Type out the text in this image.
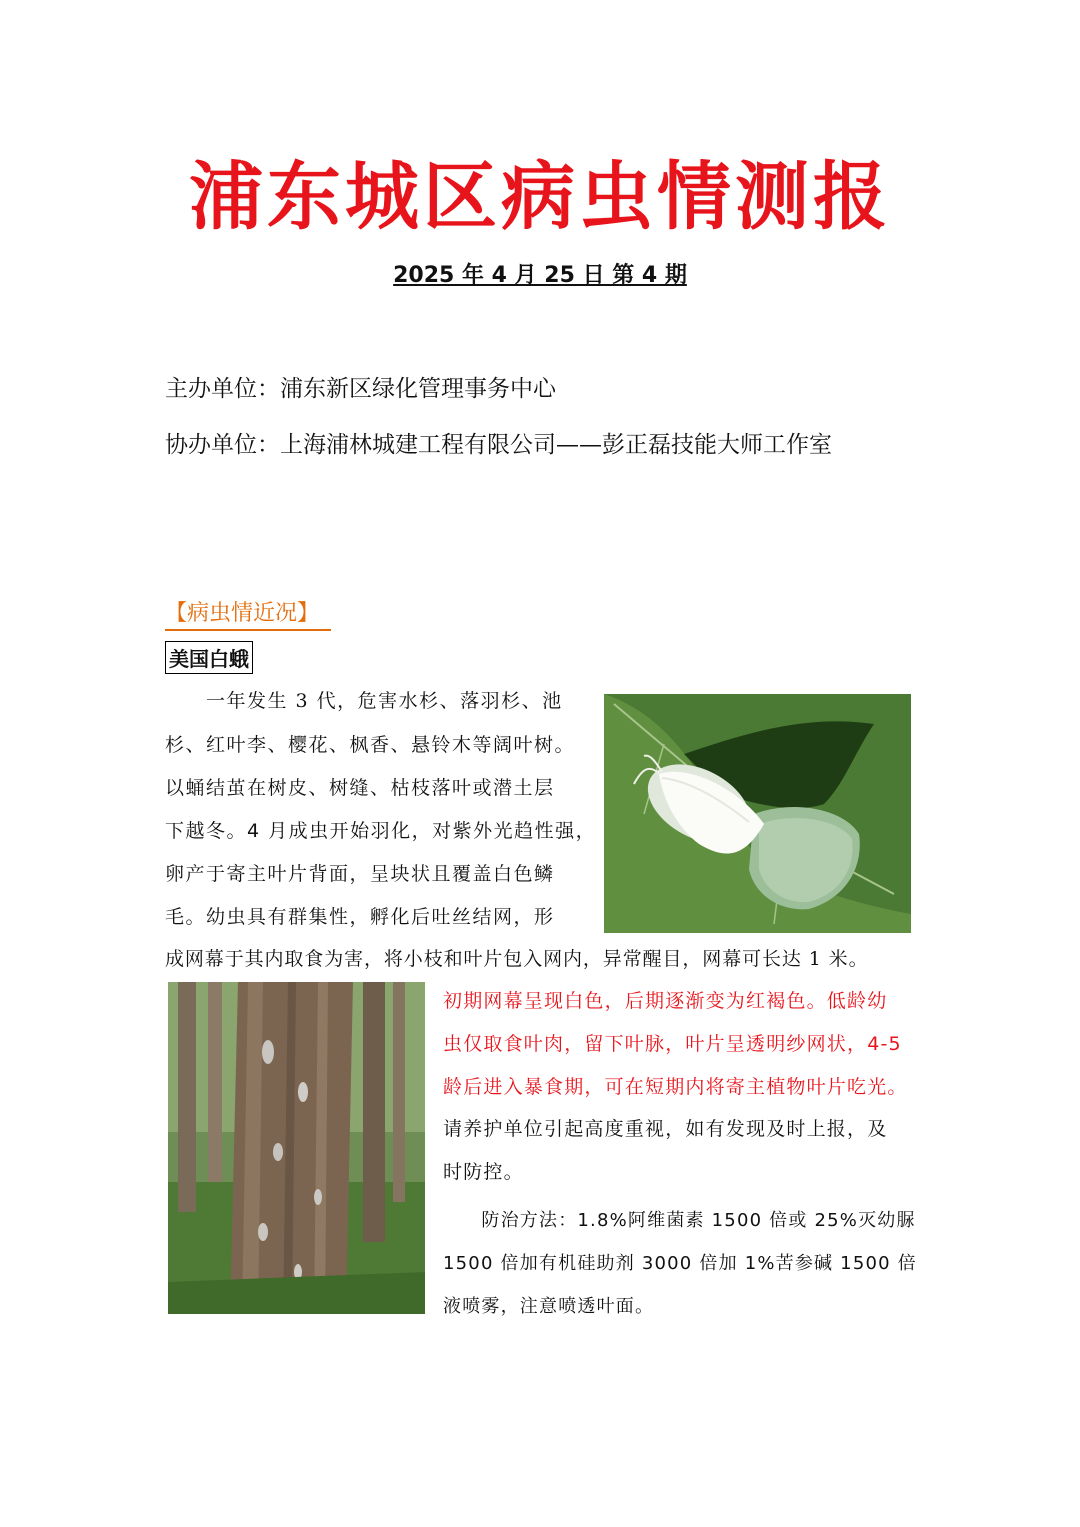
浦东城区病虫情测报
2025 年 4 月 25 日 第 4 期
主办单位：浦东新区绿化管理事务中心
协办单位：上海浦林城建工程有限公司——彭正磊技能大师工作室
【病虫情近况】
美国白蛾
　　一年发生 3 代，危害水杉、落羽杉、池
杉、红叶李、樱花、枫香、悬铃木等阔叶树。
以蛹结茧在树皮、树缝、枯枝落叶或潜土层
下越冬。4 月成虫开始羽化，对紫外光趋性强，
卵产于寄主叶片背面，呈块状且覆盖白色鳞
毛。幼虫具有群集性，孵化后吐丝结网，形
成网幕于其内取食为害，将小枝和叶片包入网内，异常醒目，网幕可长达 1 米。
初期网幕呈现白色，后期逐渐变为红褐色。低龄幼
虫仅取食叶肉，留下叶脉，叶片呈透明纱网状，4-5
龄后进入暴食期，可在短期内将寄主植物叶片吃光。
请养护单位引起高度重视，如有发现及时上报，及
时防控。
　　防治方法：1.8%阿维菌素 1500 倍或 25%灭幼脲
1500 倍加有机硅助剂 3000 倍加 1%苦参碱 1500 倍
液喷雾，注意喷透叶面。
